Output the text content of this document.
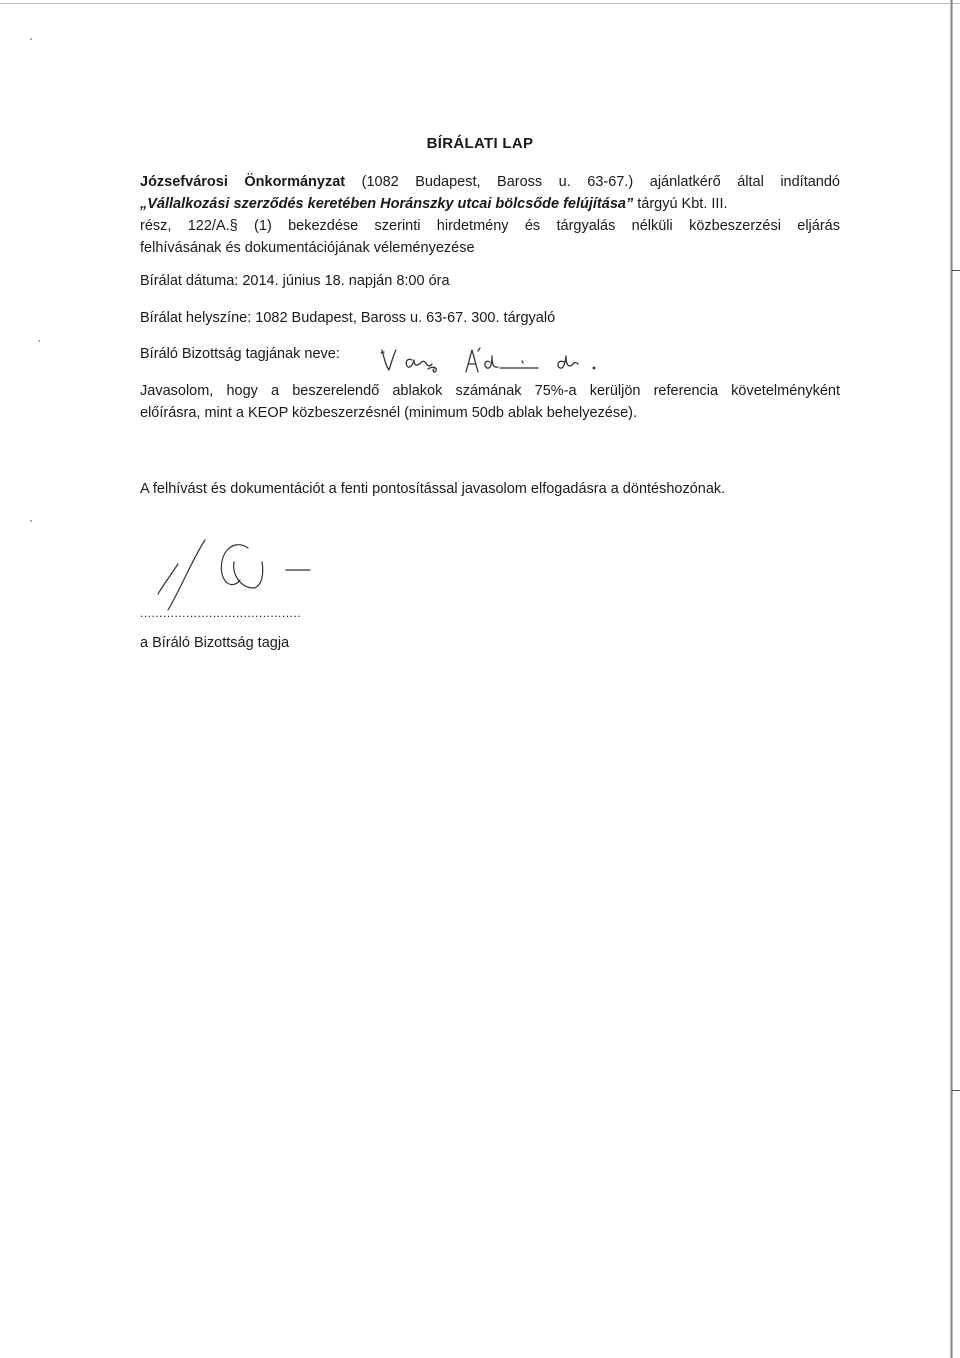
BÍRÁLATI LAP
Józsefvárosi Önkormányzat (1082 Budapest, Baross u. 63-67.) ajánlatkérő által indítandó
„Vállalkozási szerződés keretében Horánszky utcai bölcsőde felújítása” tárgyú Kbt. III.
rész, 122/A.§ (1) bekezdése szerinti hirdetmény és tárgyalás nélküli közbeszerzési eljárás
felhívásának és dokumentációjának véleményezése
Bírálat dátuma: 2014. június 18. napján 8:00 óra
Bírálat helyszíne: 1082 Budapest, Baross u. 63-67. 300. tárgyaló
Bíráló Bizottság tagjának neve:
Javasolom, hogy a beszerelendő ablakok számának 75%-a kerüljön referencia követelményként
előírásra, mint a KEOP közbeszerzésnél (minimum 50db ablak behelyezése).
A felhívást és dokumentációt a fenti pontosítással javasolom elfogadásra a döntéshozónak.
..........................................
a Bíráló Bizottság tagja
